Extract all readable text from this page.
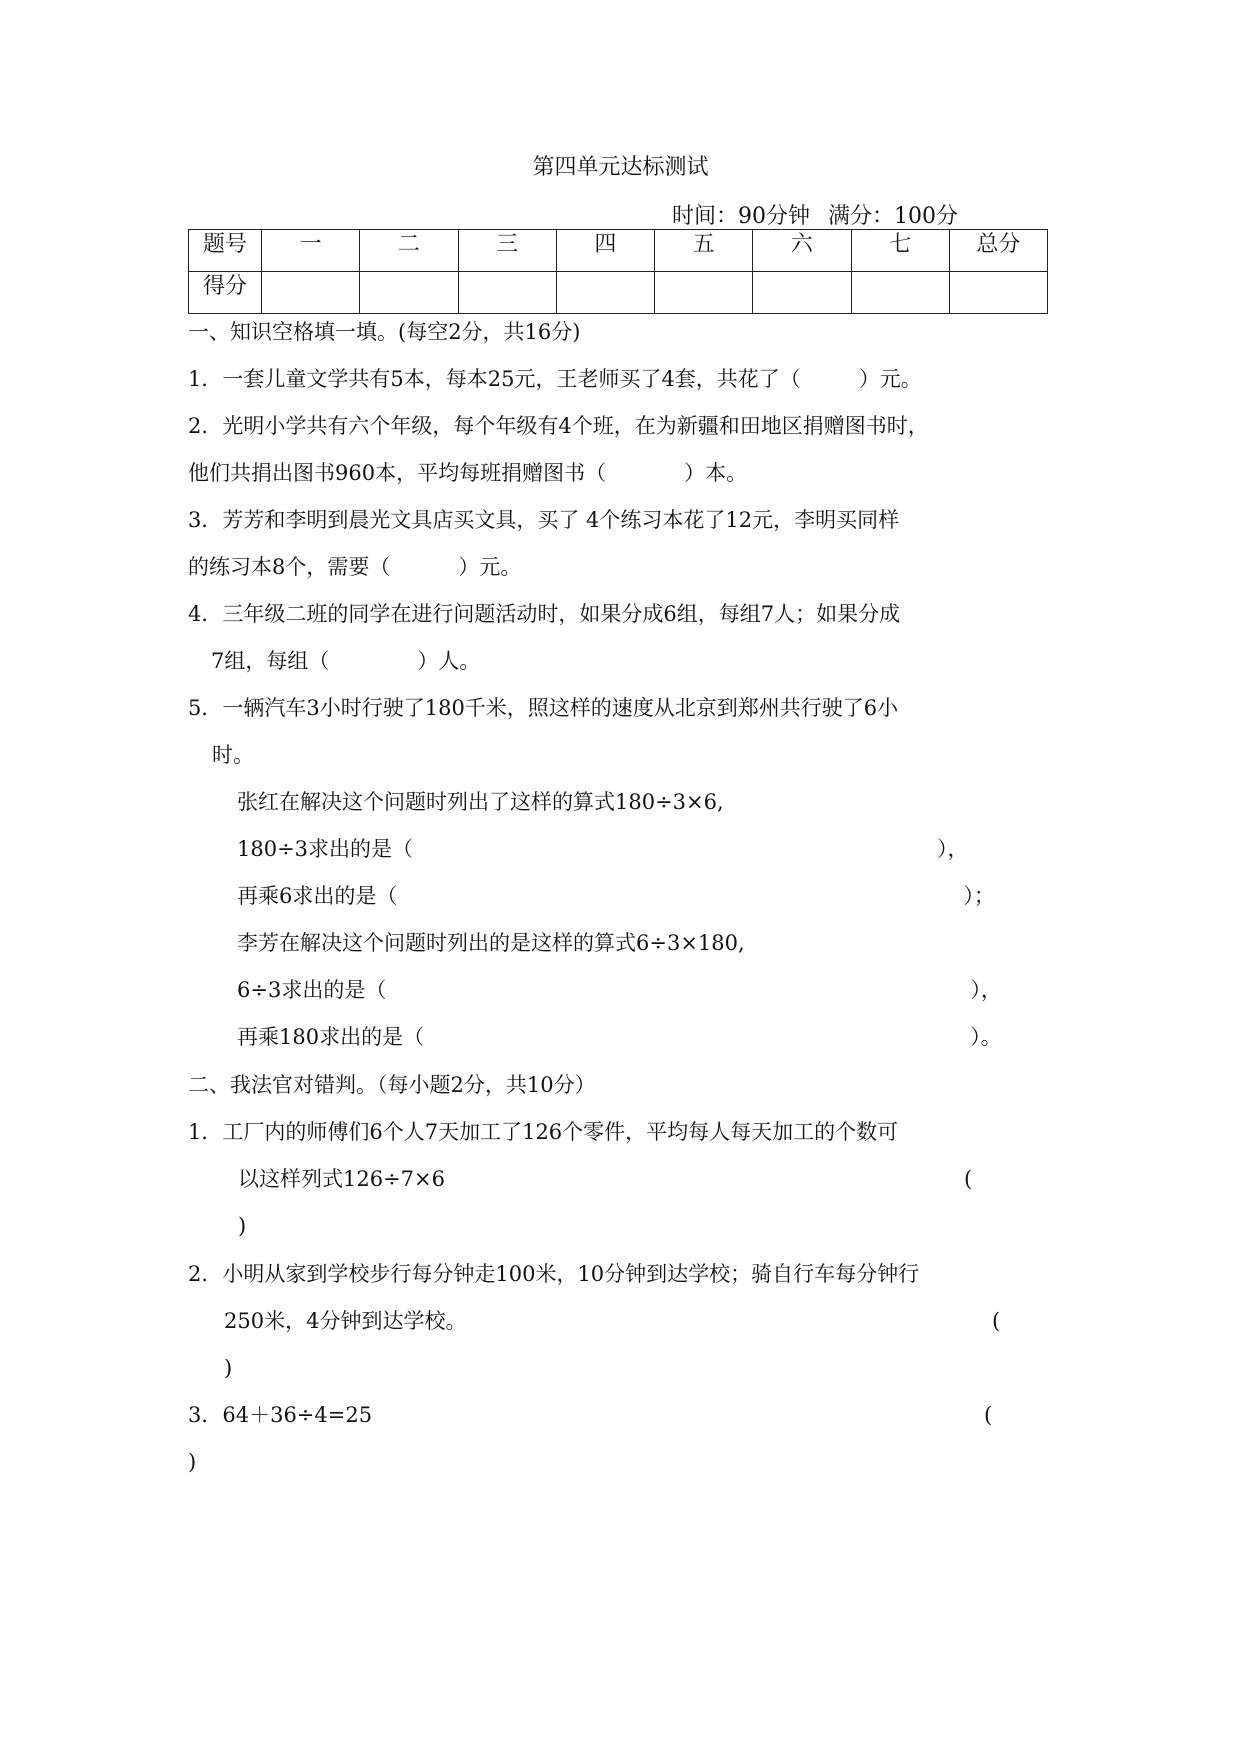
第四单元达标测试
时间：90分钟 满分：100分
题号	一	二	三	四	五	六	七	总分
得分								
一、知识空格填一填。(每空2分，共16分)
1．一套儿童文学共有5本，每本25元，王老师买了4套，共花了（	）元。
2．光明小学共有六个年级，每个年级有4个班，在为新疆和田地区捐赠图书时，
他们共捐出图书960本，平均每班捐赠图书（	）本。
3．芳芳和李明到晨光文具店买文具，买了 4个练习本花了12元，李明买同样
的练习本8个，需要（	）元。
4．三年级二班的同学在进行问题活动时，如果分成6组，每组7人；如果分成
7组，每组（	）人。
5．一辆汽车3小时行驶了180千米，照这样的速度从北京到郑州共行驶了6小
时。
张红在解决这个问题时列出了这样的算式180÷3×6,
180÷3求出的是（	），
再乘6求出的是（	）；
李芳在解决这个问题时列出的是这样的算式6÷3×180,
6÷3求出的是（	），
再乘180求出的是（	）。
二、我法官对错判。（每小题2分，共10分）
1．工厂内的师傅们6个人7天加工了126个零件，平均每人每天加工的个数可
以这样列式126÷7×6	(
)
2．小明从家到学校步行每分钟走100米，10分钟到达学校；骑自行车每分钟行
250米，4分钟到达学校。	(
)
3．64＋36÷4=25	(
)
